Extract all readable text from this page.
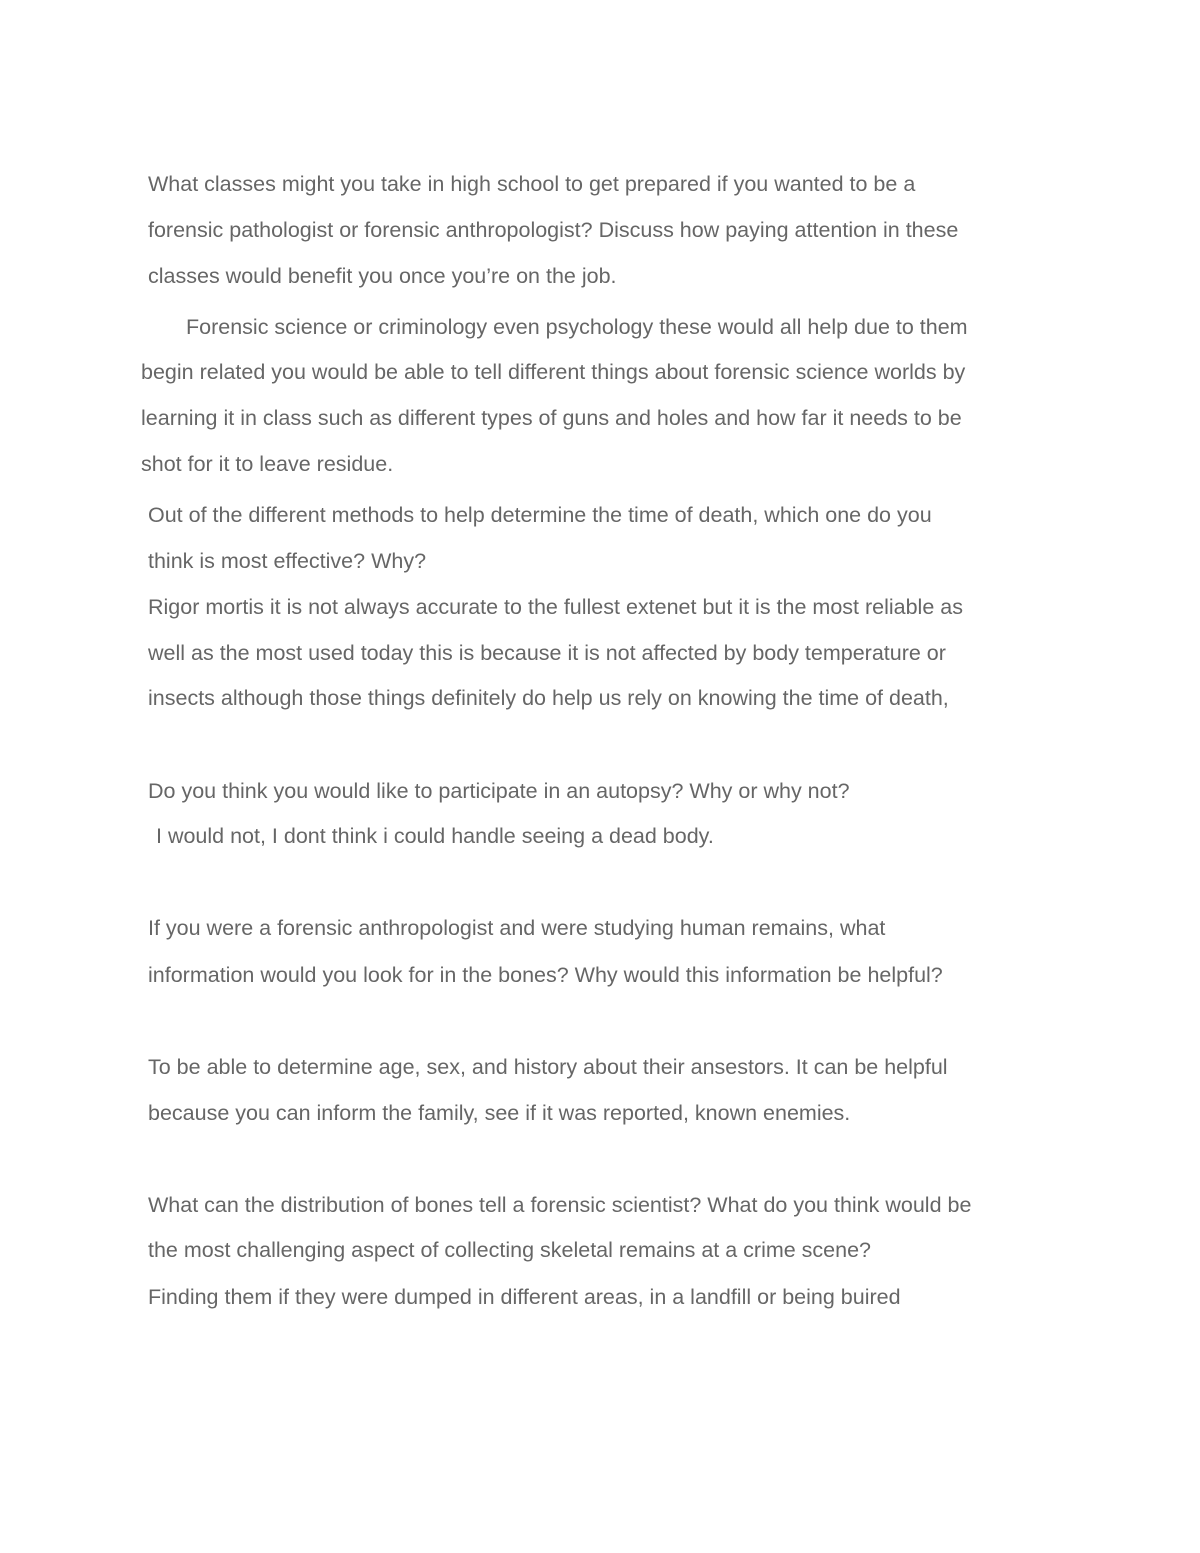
What classes might you take in high school to get prepared if you wanted to be a
forensic pathologist or forensic anthropologist? Discuss how paying attention in these
classes would benefit you once you’re on the job.
Forensic science or criminology even psychology these would all help due to them
begin related you would be able to tell different things about forensic science worlds by
learning it in class such as different types of guns and holes and how far it needs to be
shot for it to leave residue.
Out of the different methods to help determine the time of death, which one do you
think is most effective? Why?
Rigor mortis it is not always accurate to the fullest extenet but it is the most reliable as
well as the most used today this is because it is not affected by body temperature or
insects although those things definitely do help us rely on knowing the time of death,
Do you think you would like to participate in an autopsy? Why or why not?
I would not, I dont think i could handle seeing a dead body.
If you were a forensic anthropologist and were studying human remains, what
information would you look for in the bones? Why would this information be helpful?
To be able to determine age, sex, and history about their ansestors. It can be helpful
because you can inform the family, see if it was reported, known enemies.
What can the distribution of bones tell a forensic scientist? What do you think would be
the most challenging aspect of collecting skeletal remains at a crime scene?
Finding them if they were dumped in different areas, in a landfill or being buired
